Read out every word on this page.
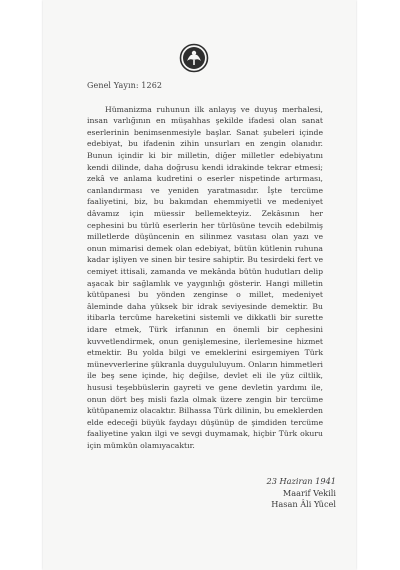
Genel Yayın: 1262

Hümanizma ruhunun ilk anlayış ve duyuş merhalesi, insan varlığının en müşahhas şekilde ifadesi olan sanat eserlerinin benimsenmesiyle başlar. Sanat şubeleri içinde edebiyat, bu ifadenin zihin unsurları en zengin olanıdır. Bunun içindir ki bir milletin, diğer milletler edebiyatını kendi dilinde, daha doğrusu kendi idrakinde tekrar etmesi; zekâ ve anlama kudretini o eserler nispetinde artırması, canlandırması ve yeniden yaratmasıdır. İşte tercüme faaliyetini, biz, bu bakımdan ehemmiyetli ve medeniyet dâvamız için müessir bellemekteyiz. Zekâsının her cephesini bu türlü eserlerin her türlüsüne tevcih edebilmiş milletlerde düşüncenin en silinmez vasıtası olan yazı ve onun mimarisi demek olan edebiyat, bütün kütlenin ruhuna kadar işliyen ve sinen bir tesire sahiptir. Bu tesirdeki fert ve cemiyet ittisali, zamanda ve mekânda bütün hudutları delip aşacak bir sağlamlık ve yaygınlığı gösterir. Hangi milletin kütüpanesi bu yönden zenginse o millet, medeniyet âleminde daha yüksek bir idrak seviyesinde demektir. Bu itibarla tercüme hareketini sistemli ve dikkatli bir surette idare etmek, Türk irfanının en önemli bir cephesini kuvvetlendirmek, onun genişlemesine, ilerlemesine hizmet etmektir. Bu yolda bilgi ve emeklerini esirgemiyen Türk münevverlerine şükranla duygululuyum. Onların himmetleri ile beş sene içinde, hiç değilse, devlet eli ile yüz ciltlik, hususi teşebbüslerin gayreti ve gene devletin yardımı ile, onun dört beş misli fazla olmak üzere zengin bir tercüme kütüpanemiz olacaktır. Bilhassa Türk dilinin, bu emeklerden elde edeceği büyük faydayı düşünüp de şimdiden tercüme faaliyetine yakın ilgi ve sevgi duymamak, hiçbir Türk okuru için mümkün olamıyacaktır.

23 Haziran 1941
Maarif Vekili
Hasan Âli Yücel
